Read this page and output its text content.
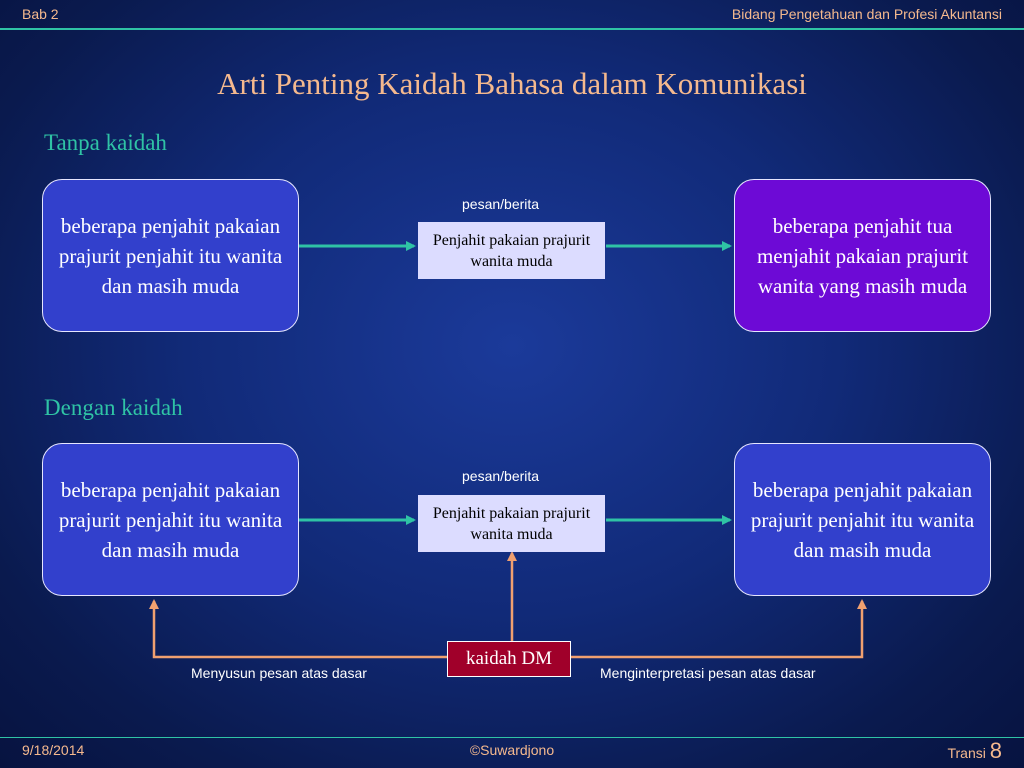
Bab 2	Bidang Pengetahuan dan Profesi Akuntansi
Arti Penting Kaidah Bahasa dalam Komunikasi
Tanpa kaidah
beberapa penjahit pakaian prajurit penjahit itu wanita dan masih muda
pesan/berita
Penjahit pakaian prajurit wanita muda
beberapa penjahit tua menjahit pakaian prajurit wanita yang masih muda
Dengan kaidah
beberapa penjahit pakaian prajurit penjahit itu wanita dan masih muda
pesan/berita
Penjahit pakaian prajurit wanita muda
beberapa penjahit pakaian prajurit penjahit itu wanita dan masih muda
kaidah DM
Menyusun pesan atas dasar	Menginterpretasi pesan atas dasar
9/18/2014	©Suwardjono	Transi 8
